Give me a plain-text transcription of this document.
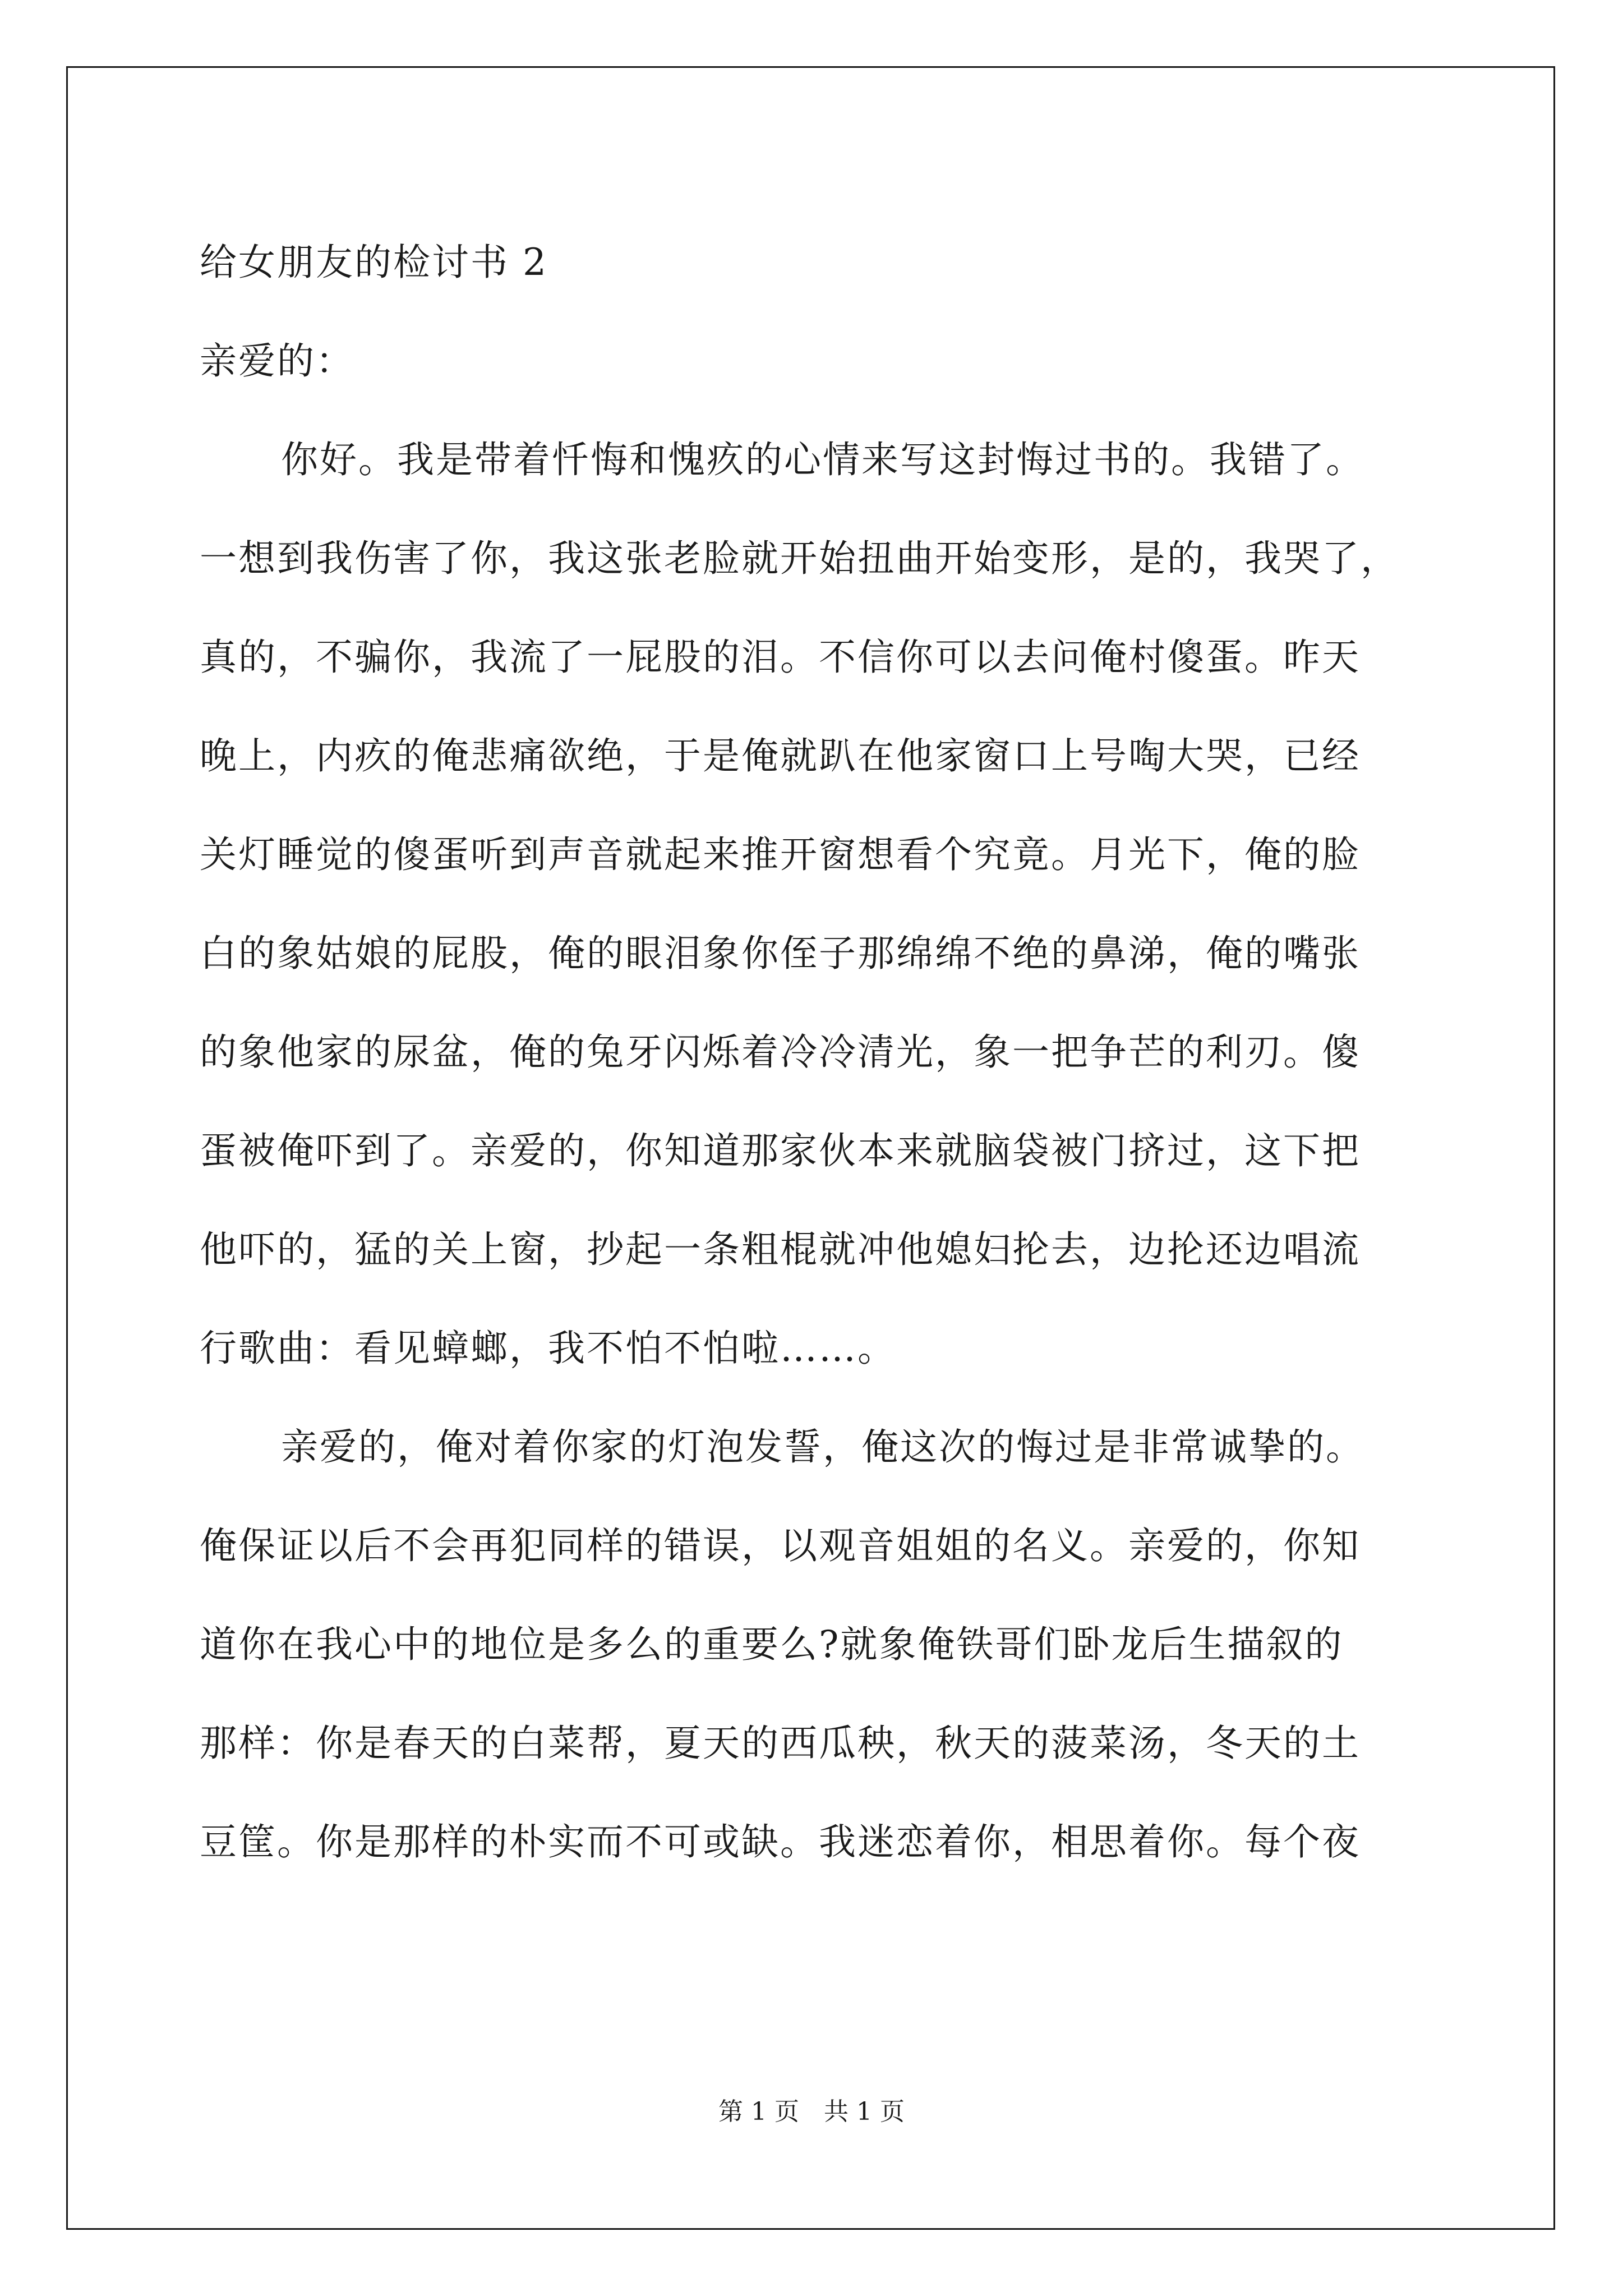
给女朋友的检讨书 2
亲爱的：
你好。我是带着忏悔和愧疚的心情来写这封悔过书的。我错了。
一想到我伤害了你，我这张老脸就开始扭曲开始变形，是的，我哭了，
真的，不骗你，我流了一屁股的泪。不信你可以去问俺村傻蛋。昨天
晚上，内疚的俺悲痛欲绝，于是俺就趴在他家窗口上号啕大哭，已经
关灯睡觉的傻蛋听到声音就起来推开窗想看个究竟。月光下，俺的脸
白的象姑娘的屁股，俺的眼泪象你侄子那绵绵不绝的鼻涕，俺的嘴张
的象他家的尿盆，俺的兔牙闪烁着冷冷清光，象一把争芒的利刃。傻
蛋被俺吓到了。亲爱的，你知道那家伙本来就脑袋被门挤过，这下把
他吓的，猛的关上窗，抄起一条粗棍就冲他媳妇抡去，边抡还边唱流
行歌曲：看见蟑螂，我不怕不怕啦……。
亲爱的，俺对着你家的灯泡发誓，俺这次的悔过是非常诚挚的。
俺保证以后不会再犯同样的错误，以观音姐姐的名义。亲爱的，你知
道你在我心中的地位是多么的重要么?就象俺铁哥们卧龙后生描叙的
那样：你是春天的白菜帮，夏天的西瓜秧，秋天的菠菜汤，冬天的土
豆筐。你是那样的朴实而不可或缺。我迷恋着你，相思着你。每个夜
第 1 页　共 1 页
